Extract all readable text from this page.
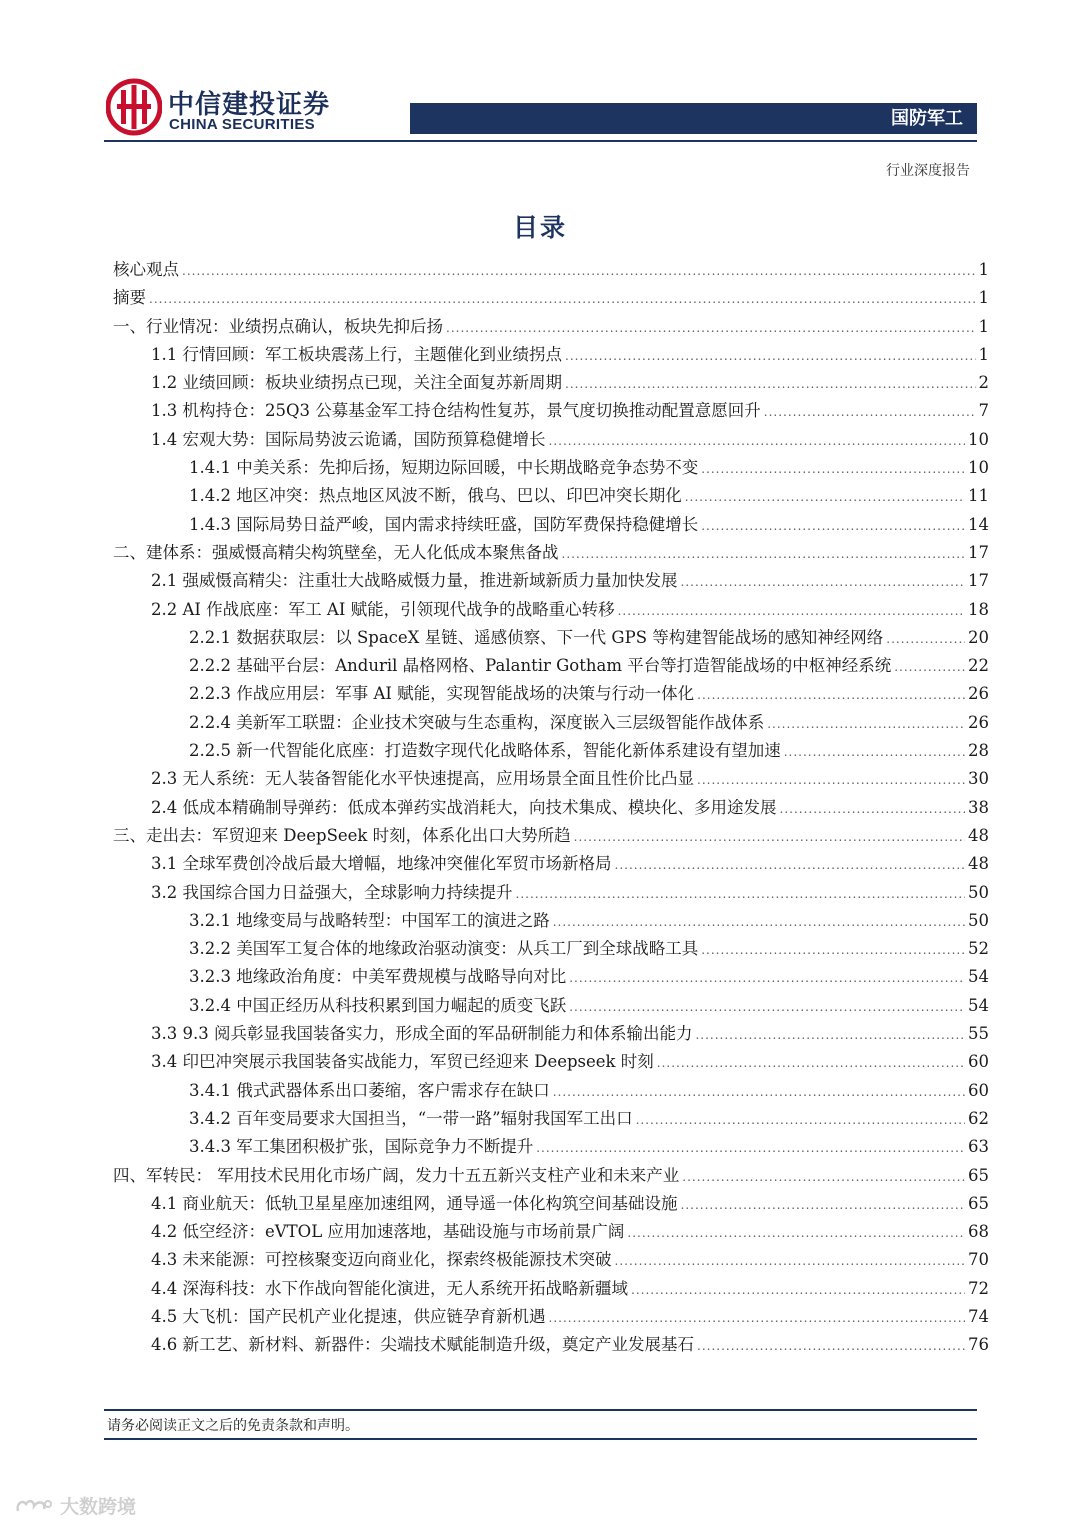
中信建投证券
CHINA SECURITIES	国防军工
行业深度报告
目录
核心观点 .....	1
摘要 .....	1
一、行业情况：业绩拐点确认，板块先抑后扬 .....	1
1.1 行情回顾：军工板块震荡上行，主题催化到业绩拐点 .....	1
1.2 业绩回顾：板块业绩拐点已现，关注全面复苏新周期 .....	2
1.3 机构持仓：25Q3 公募基金军工持仓结构性复苏，景气度切换推动配置意愿回升 .....	7
1.4 宏观大势：国际局势波云诡谲，国防预算稳健增长 .....	10
1.4.1 中美关系：先抑后扬，短期边际回暖，中长期战略竞争态势不变 .....	10
1.4.2 地区冲突：热点地区风波不断，俄乌、巴以、印巴冲突长期化 .....	11
1.4.3 国际局势日益严峻，国内需求持续旺盛，国防军费保持稳健增长 .....	14
二、建体系：强威慑高精尖构筑壁垒，无人化低成本聚焦备战 .....	17
2.1 强威慑高精尖：注重壮大战略威慑力量，推进新域新质力量加快发展 .....	17
2.2 AI 作战底座：军工 AI 赋能，引领现代战争的战略重心转移 .....	18
2.2.1 数据获取层：以 SpaceX 星链、遥感侦察、下一代 GPS 等构建智能战场的感知神经网络 .....	20
2.2.2 基础平台层：Anduril 晶格网格、Palantir Gotham 平台等打造智能战场的中枢神经系统 .....	22
2.2.3 作战应用层：军事 AI 赋能，实现智能战场的决策与行动一体化 .....	26
2.2.4 美新军工联盟：企业技术突破与生态重构，深度嵌入三层级智能作战体系 .....	26
2.2.5 新一代智能化底座：打造数字现代化战略体系，智能化新体系建设有望加速 .....	28
2.3 无人系统：无人装备智能化水平快速提高，应用场景全面且性价比凸显 .....	30
2.4 低成本精确制导弹药：低成本弹药实战消耗大，向技术集成、模块化、多用途发展 .....	38
三、走出去：军贸迎来 DeepSeek 时刻，体系化出口大势所趋 .....	48
3.1 全球军费创冷战后最大增幅，地缘冲突催化军贸市场新格局 .....	48
3.2 我国综合国力日益强大，全球影响力持续提升 .....	50
3.2.1 地缘变局与战略转型：中国军工的演进之路 .....	50
3.2.2 美国军工复合体的地缘政治驱动演变：从兵工厂到全球战略工具 .....	52
3.2.3 地缘政治角度：中美军费规模与战略导向对比 .....	54
3.2.4 中国正经历从科技积累到国力崛起的质变飞跃 .....	54
3.3 9.3 阅兵彰显我国装备实力，形成全面的军品研制能力和体系输出能力 .....	55
3.4 印巴冲突展示我国装备实战能力，军贸已经迎来 Deepseek 时刻 .....	60
3.4.1 俄式武器体系出口萎缩，客户需求存在缺口 .....	60
3.4.2 百年变局要求大国担当，“一带一路”辐射我国军工出口 .....	62
3.4.3 军工集团积极扩张，国际竞争力不断提升 .....	63
四、军转民： 军用技术民用化市场广阔，发力十五五新兴支柱产业和未来产业 .....	65
4.1 商业航天：低轨卫星星座加速组网，通导遥一体化构筑空间基础设施 .....	65
4.2 低空经济：eVTOL 应用加速落地，基础设施与市场前景广阔 .....	68
4.3 未来能源：可控核聚变迈向商业化，探索终极能源技术突破 .....	70
4.4 深海科技：水下作战向智能化演进，无人系统开拓战略新疆域 .....	72
4.5 大飞机：国产民机产业化提速，供应链孕育新机遇 .....	74
4.6 新工艺、新材料、新器件：尖端技术赋能制造升级，奠定产业发展基石 .....	76
请务必阅读正文之后的免责条款和声明。
大数跨境
